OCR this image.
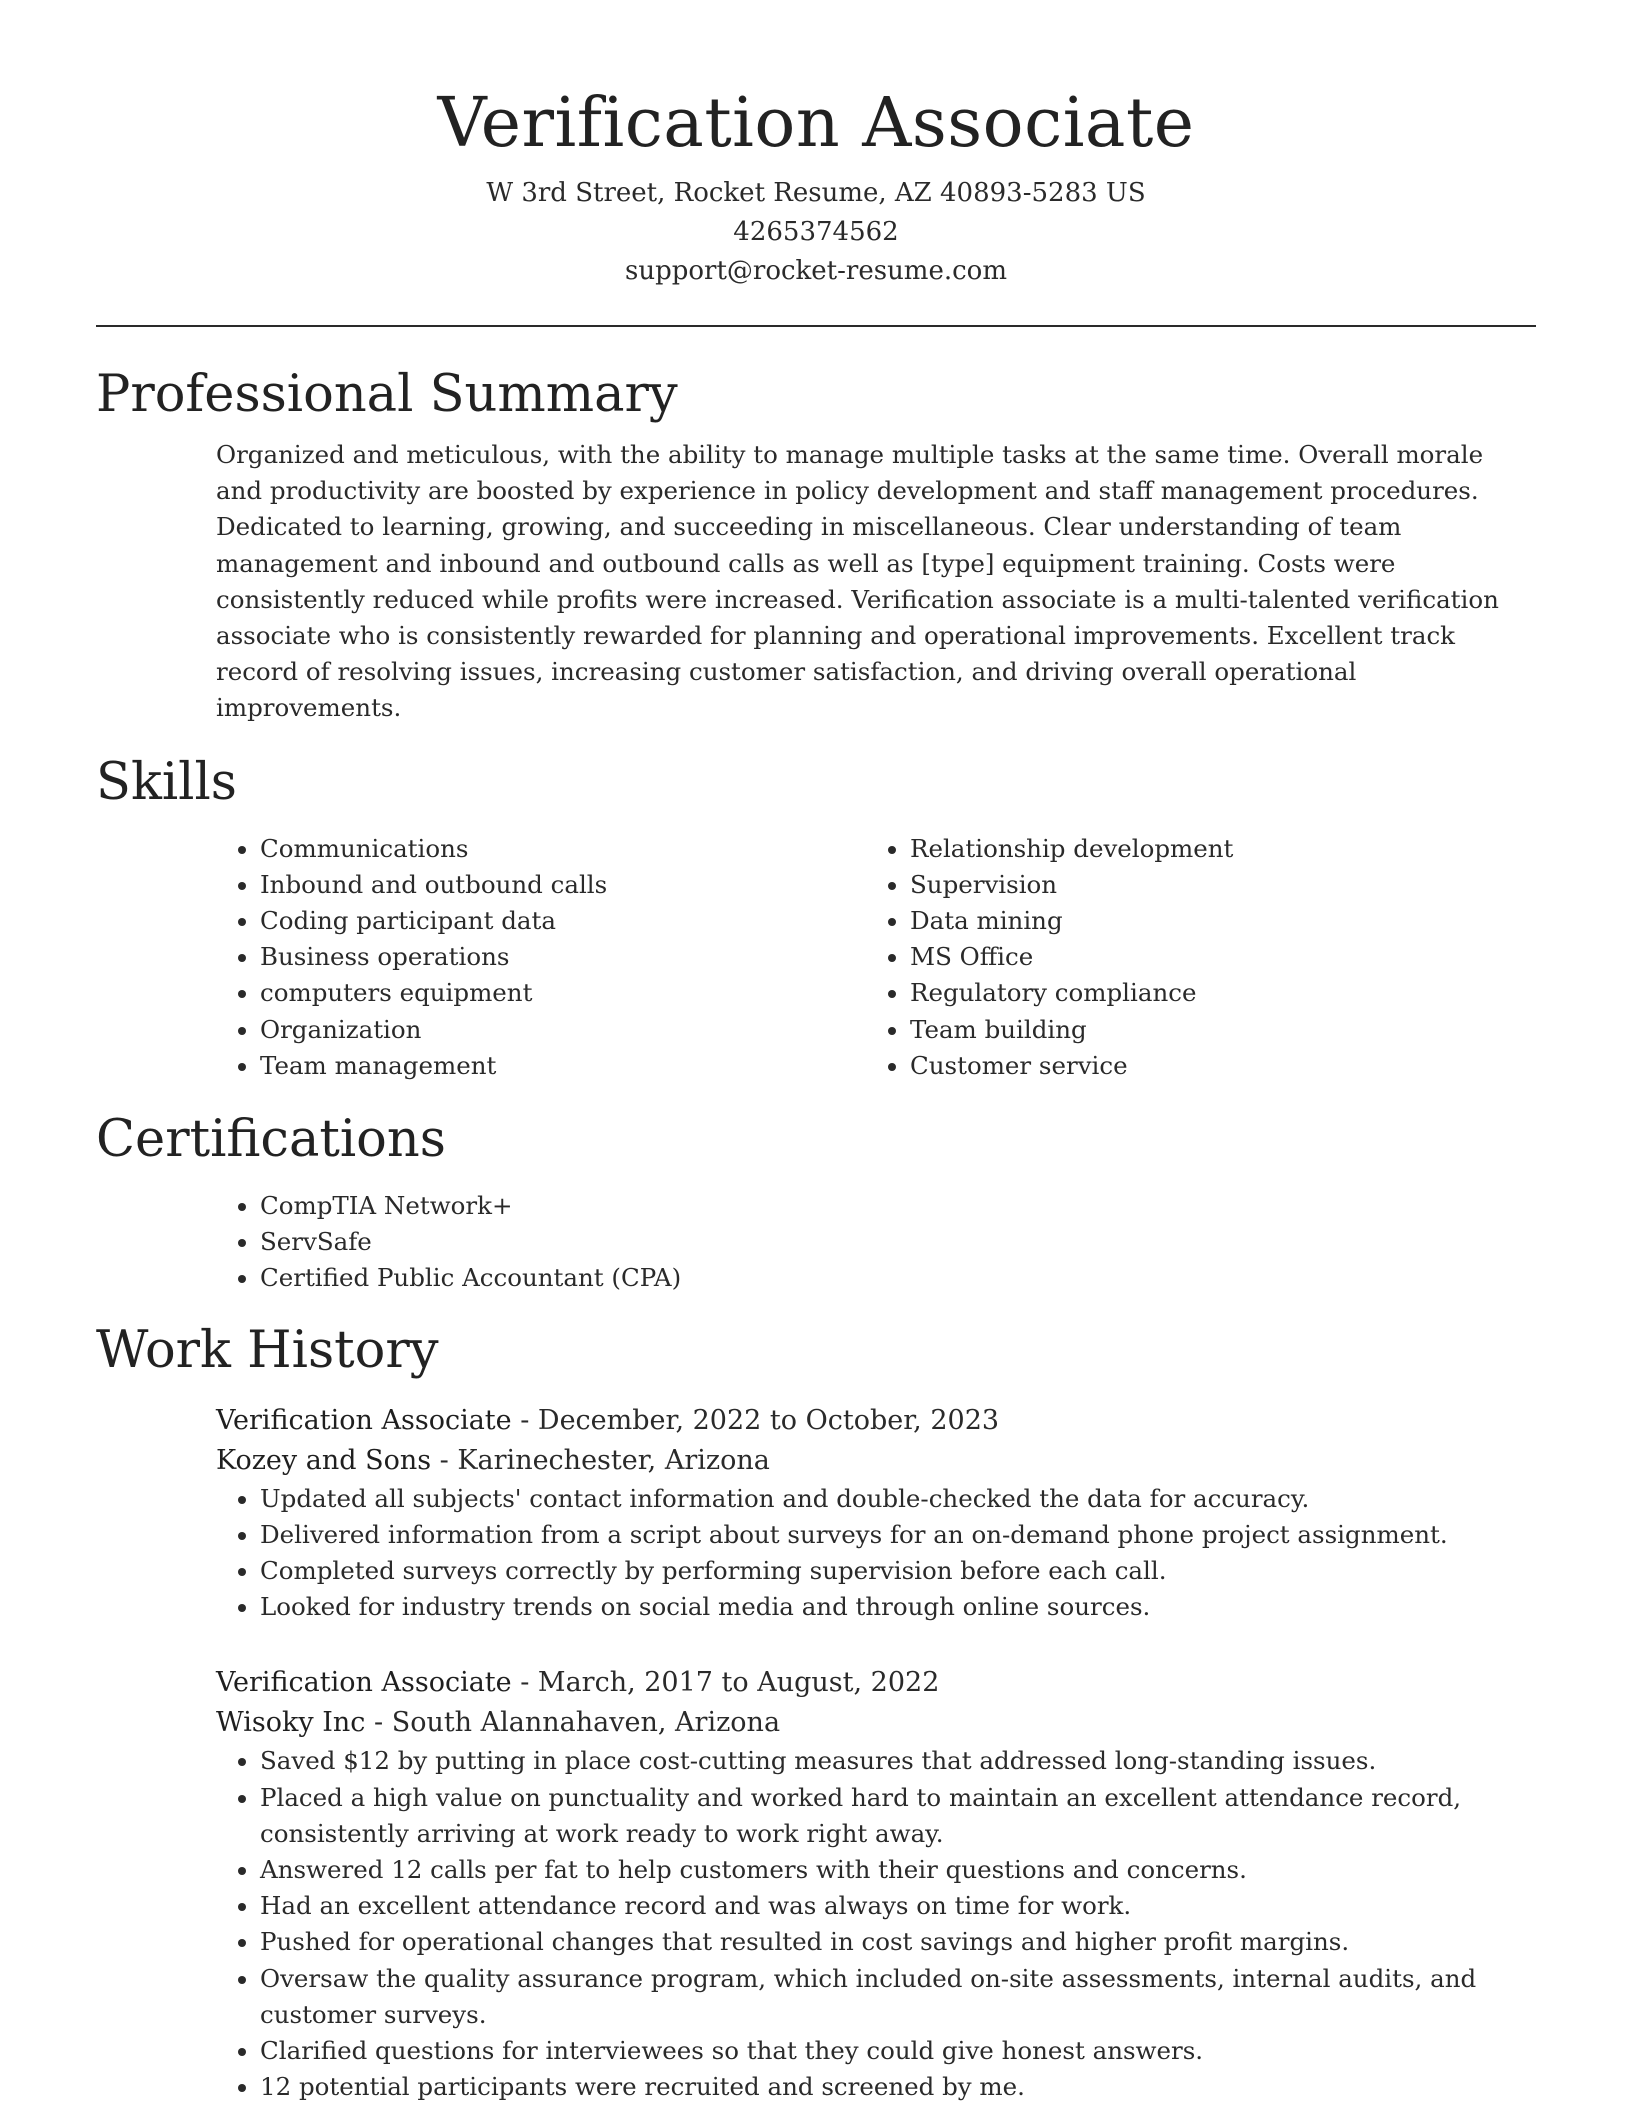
Verification Associate

W 3rd Street, Rocket Resume, AZ 40893-5283 US

4265374562

support@rocket-resume.com

Professional Summary

Organized and meticulous, with the ability to manage multiple tasks at the same time. Overall morale and productivity are boosted by experience in policy development and staff management procedures. Dedicated to learning, growing, and succeeding in miscellaneous. Clear understanding of team management and inbound and outbound calls as well as [type] equipment training. Costs were consistently reduced while profits were increased. Verification associate is a multi-talented verification associate who is consistently rewarded for planning and operational improvements. Excellent track record of resolving issues, increasing customer satisfaction, and driving overall operational improvements.

Skills
• Communications
• Inbound and outbound calls
• Coding participant data
• Business operations
• computers equipment
• Organization
• Team management
• Relationship development
• Supervision
• Data mining
• MS Office
• Regulatory compliance
• Team building
• Customer service
Certifications
• CompTIA Network+
• ServSafe
• Certified Public Accountant (CPA)
Work History

Verification Associate - December, 2022 to October, 2023

Kozey and Sons - Karinechester, Arizona

• Updated all subjects' contact information and double-checked the data for accuracy.
• Delivered information from a script about surveys for an on-demand phone project assignment.
• Completed surveys correctly by performing supervision before each call.
• Looked for industry trends on social media and through online sources.

Verification Associate - March, 2017 to August, 2022

Wisoky Inc - South Alannahaven, Arizona

• Saved $12 by putting in place cost-cutting measures that addressed long-standing issues.
• Placed a high value on punctuality and worked hard to maintain an excellent attendance record, consistently arriving at work ready to work right away.
• Answered 12 calls per fat to help customers with their questions and concerns.
• Had an excellent attendance record and was always on time for work.
• Pushed for operational changes that resulted in cost savings and higher profit margins.
• Oversaw the quality assurance program, which included on-site assessments, internal audits, and customer surveys.
• Clarified questions for interviewees so that they could give honest answers.
• 12 potential participants were recruited and screened by me.
